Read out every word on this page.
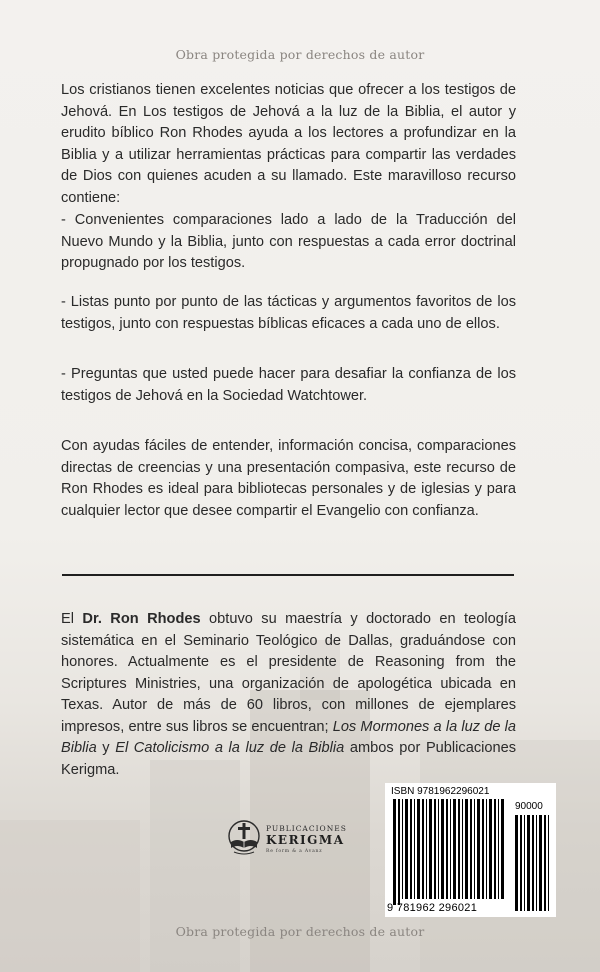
Obra protegida por derechos de autor

Los cristianos tienen excelentes noticias que ofrecer a los testigos de Jehová. En Los testigos de Jehová a la luz de la Biblia, el autor y erudito bíblico Ron Rhodes ayuda a los lectores a profundizar en la Biblia y a utilizar herramientas prácticas para compartir las verdades de Dios con quienes acuden a su llamado. Este maravilloso recurso contiene:

- Convenientes comparaciones lado a lado de la Traducción del Nuevo Mundo y la Biblia, junto con respuestas a cada error doctrinal propugnado por los testigos.

- Listas punto por punto de las tácticas y argumentos favoritos de los testigos, junto con respuestas bíblicas eficaces a cada uno de ellos.

- Preguntas que usted puede hacer para desafiar la confianza de los testigos de Jehová en la Sociedad Watchtower.

Con ayudas fáciles de entender, información concisa, comparaciones directas de creencias y una presentación compasiva, este recurso de Ron Rhodes es ideal para bibliotecas personales y de iglesias y para cualquier lector que desee compartir el Evangelio con confianza.

El Dr. Ron Rhodes obtuvo su maestría y doctorado en teología sistemática en el Seminario Teológico de Dallas, graduándose con honores. Actualmente es el presidente de Reasoning from the Scriptures Ministries, una organización de apologética ubicada en Texas. Autor de más de 60 libros, con millones de ejemplares impresos, entre sus libros se encuentran; Los Mormones a la luz de la Biblia y El Catolicismo a la luz de la Biblia ambos por Publicaciones Kerigma.

PUBLICACIONES
KERIGMA
Re form & a Avanz
ISBN 9781962296021
90000
9 781962 296021
Obra protegida por derechos de autor
